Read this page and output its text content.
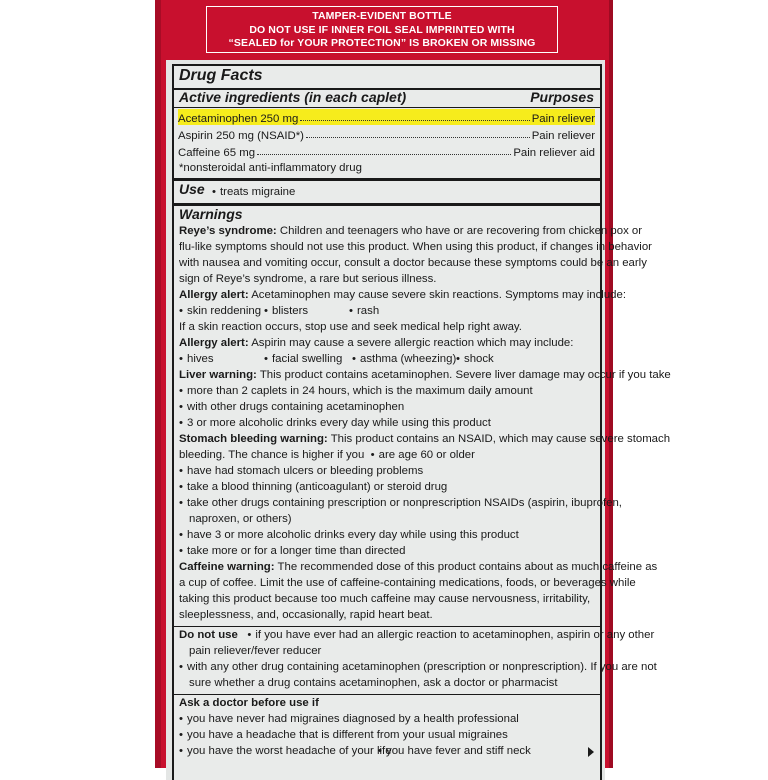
TAMPER-EVIDENT BOTTLE
DO NOT USE IF INNER FOIL SEAL IMPRINTED WITH
“SEALED for YOUR PROTECTION” IS BROKEN OR MISSING
Drug Facts
Active ingredients (in each caplet)	Purposes
Acetaminophen 250 mg	Pain reliever
Aspirin 250 mg (NSAID*)	Pain reliever
Caffeine 65 mg	Pain reliever aid
*nonsteroidal anti-inflammatory drug
Use	• treats migraine
Warnings
Reye’s syndrome: Children and teenagers who have or are recovering from chicken pox or
flu-like symptoms should not use this product. When using this product, if changes in behavior
with nausea and vomiting occur, consult a doctor because these symptoms could be an early
sign of Reye’s syndrome, a rare but serious illness.
Allergy alert: Acetaminophen may cause severe skin reactions. Symptoms may include:
• skin reddening • blisters	• rash
If a skin reaction occurs, stop use and seek medical help right away.
Allergy alert: Aspirin may cause a severe allergic reaction which may include:
• hives	• facial swelling	• asthma (wheezing) • shock
Liver warning: This product contains acetaminophen. Severe liver damage may occur if you take
• more than 2 caplets in 24 hours, which is the maximum daily amount
• with other drugs containing acetaminophen
• 3 or more alcoholic drinks every day while using this product
Stomach bleeding warning: This product contains an NSAID, which may cause severe stomach
bleeding. The chance is higher if you • are age 60 or older
• have had stomach ulcers or bleeding problems
• take a blood thinning (anticoagulant) or steroid drug
• take other drugs containing prescription or nonprescription NSAIDs (aspirin, ibuprofen,
naproxen, or others)
• have 3 or more alcoholic drinks every day while using this product
• take more or for a longer time than directed
Caffeine warning: The recommended dose of this product contains about as much caffeine as
a cup of coffee. Limit the use of caffeine-containing medications, foods, or beverages while
taking this product because too much caffeine may cause nervousness, irritability,
sleeplessness, and, occasionally, rapid heart beat.
Do not use • if you have ever had an allergic reaction to acetaminophen, aspirin or any other
pain reliever/fever reducer
• with any other drug containing acetaminophen (prescription or nonprescription). If you are not
sure whether a drug contains acetaminophen, ask a doctor or pharmacist
Ask a doctor before use if
• you have never had migraines diagnosed by a health professional
• you have a headache that is different from your usual migraines
• you have the worst headache of your life
• you have fever and stiff neck
